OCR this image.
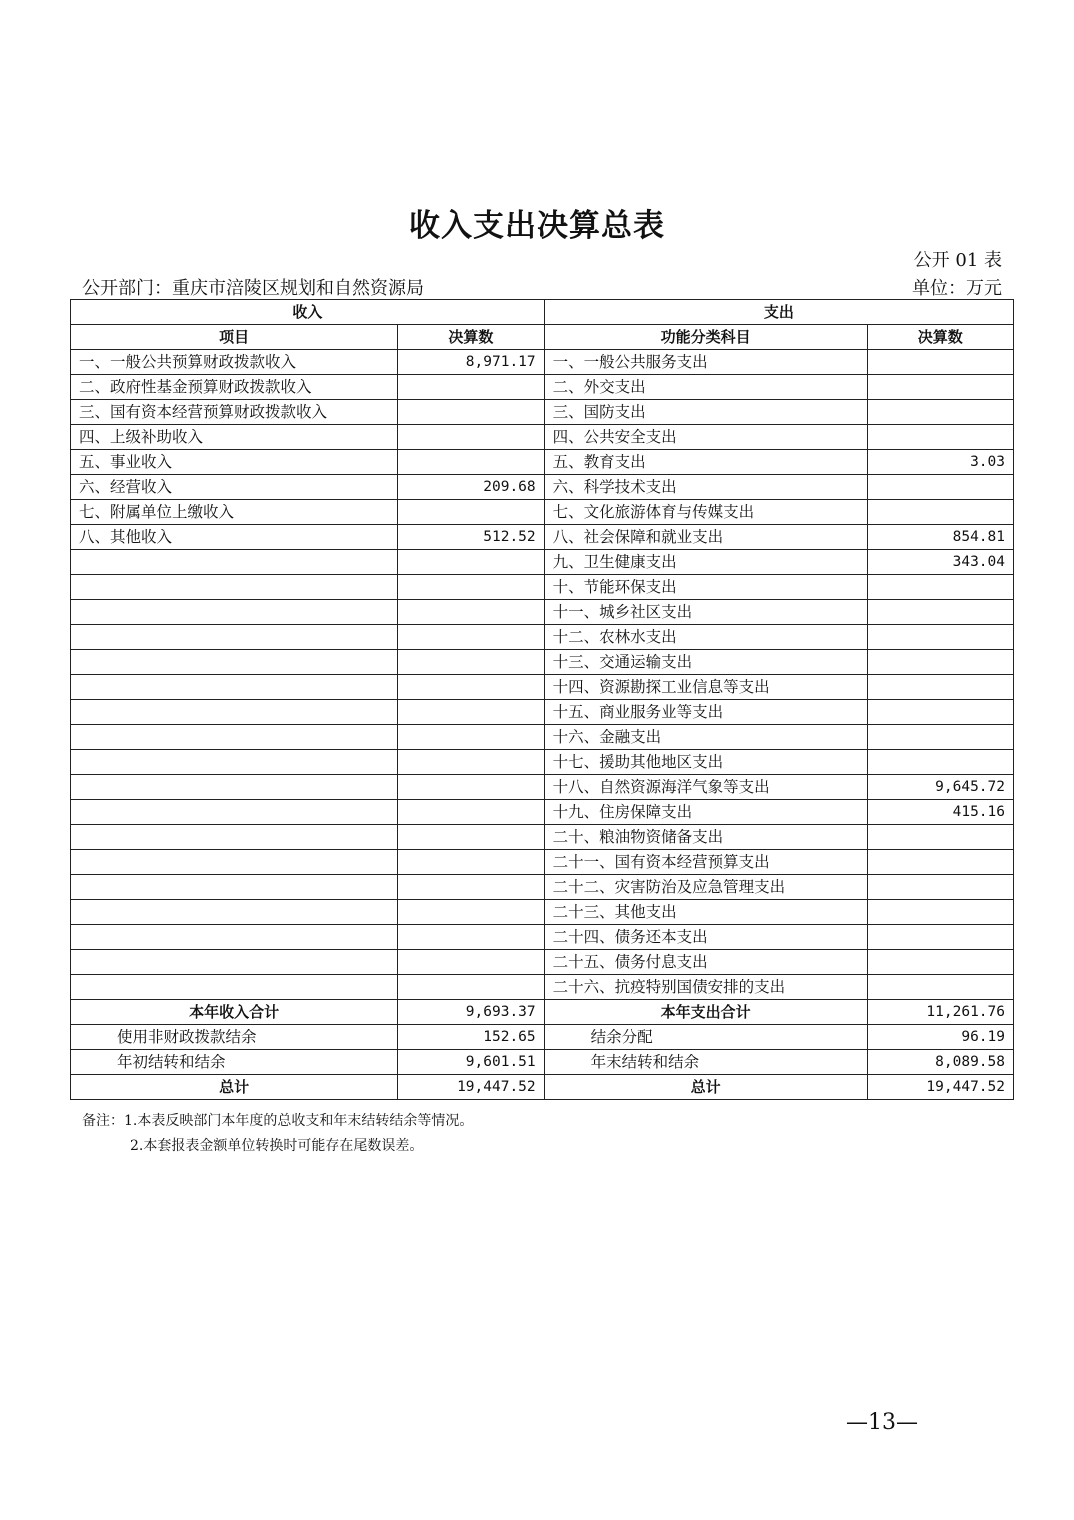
收入支出决算总表
公开 01 表
公开部门：重庆市涪陵区规划和自然资源局	单位：万元
收入		支出	
项目	决算数	功能分类科目	决算数
一、一般公共预算财政拨款收入	8,971.17	一、一般公共服务支出	
二、政府性基金预算财政拨款收入		二、外交支出	
三、国有资本经营预算财政拨款收入		三、国防支出	
四、上级补助收入		四、公共安全支出	
五、事业收入		五、教育支出	3.03
六、经营收入	209.68	六、科学技术支出	
七、附属单位上缴收入		七、文化旅游体育与传媒支出	
八、其他收入	512.52	八、社会保障和就业支出	854.81
		九、卫生健康支出	343.04
		十、节能环保支出	
		十一、城乡社区支出	
		十二、农林水支出	
		十三、交通运输支出	
		十四、资源勘探工业信息等支出	
		十五、商业服务业等支出	
		十六、金融支出	
		十七、援助其他地区支出	
		十八、自然资源海洋气象等支出	9,645.72
		十九、住房保障支出	415.16
		二十、粮油物资储备支出	
		二十一、国有资本经营预算支出	
		二十二、灾害防治及应急管理支出	
		二十三、其他支出	
		二十四、债务还本支出	
		二十五、债务付息支出	
		二十六、抗疫特别国债安排的支出	
本年收入合计	9,693.37	本年支出合计	11,261.76
使用非财政拨款结余	152.65	结余分配	96.19
年初结转和结余	9,601.51	年末结转和结余	8,089.58
总计	19,447.52	总计	19,447.52
备注：1.本表反映部门本年度的总收支和年末结转结余等情况。
2.本套报表金额单位转换时可能存在尾数误差。
—13—
